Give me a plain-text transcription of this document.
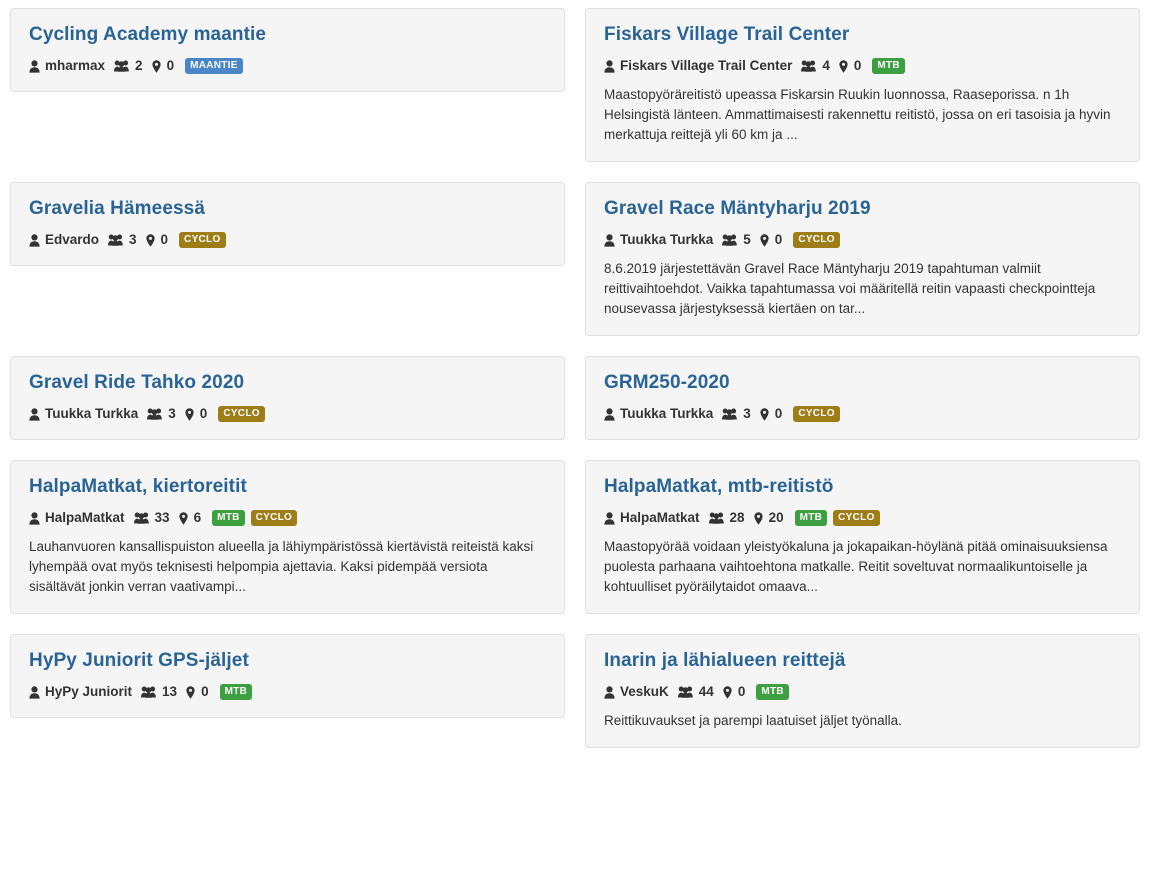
Cycling Academy maantie
mharmax 2 0	MAANTIE
Gravelia Hämeessä
Edvardo 3 0	CYCLO
Gravel Ride Tahko 2020
Tuukka Turkka 3 0	CYCLO
HalpaMatkat, kiertoreitit
HalpaMatkat 33 6	MTB	CYCLO
Lauhanvuoren kansallispuiston alueella ja lähiympäristössä kiertävistä reiteistä kaksi lyhempää ovat myös teknisesti helpompia ajettavia. Kaksi pidempää versiota sisältävät jonkin verran vaativampi...
HyPy Juniorit GPS-jäljet
HyPy Juniorit 13 0	MTB
Fiskars Village Trail Center
Fiskars Village Trail Center 4 0	MTB
Maastopyöräreitistö upeassa Fiskarsin Ruukin luonnossa, Raaseporissa. n 1h Helsingistä länteen. Ammattimaisesti rakennettu reitistö, jossa on eri tasoisia ja hyvin merkattuja reittejä yli 60 km ja ...
Gravel Race Mäntyharju 2019
Tuukka Turkka 5 0	CYCLO
8.6.2019 järjestettävän Gravel Race Mäntyharju 2019 tapahtuman valmiit reittivaihtoehdot. Vaikka tapahtumassa voi määritellä reitin vapaasti checkpointteja nousevassa järjestyksessä kiertäen on tar...
GRM250-2020
Tuukka Turkka 3 0	CYCLO
HalpaMatkat, mtb-reitistö
HalpaMatkat 28 20	MTB	CYCLO
Maastopyörää voidaan yleistyökaluna ja jokapaikan-höylänä pitää ominaisuuksiensa puolesta parhaana vaihtoehtona matkalle. Reitit soveltuvat normaalikuntoiselle ja kohtuulliset pyöräilytaidot omaava...
Inarin ja lähialueen reittejä
VeskuK 44 0	MTB
Reittikuvaukset ja parempi laatuiset jäljet työnalla.
